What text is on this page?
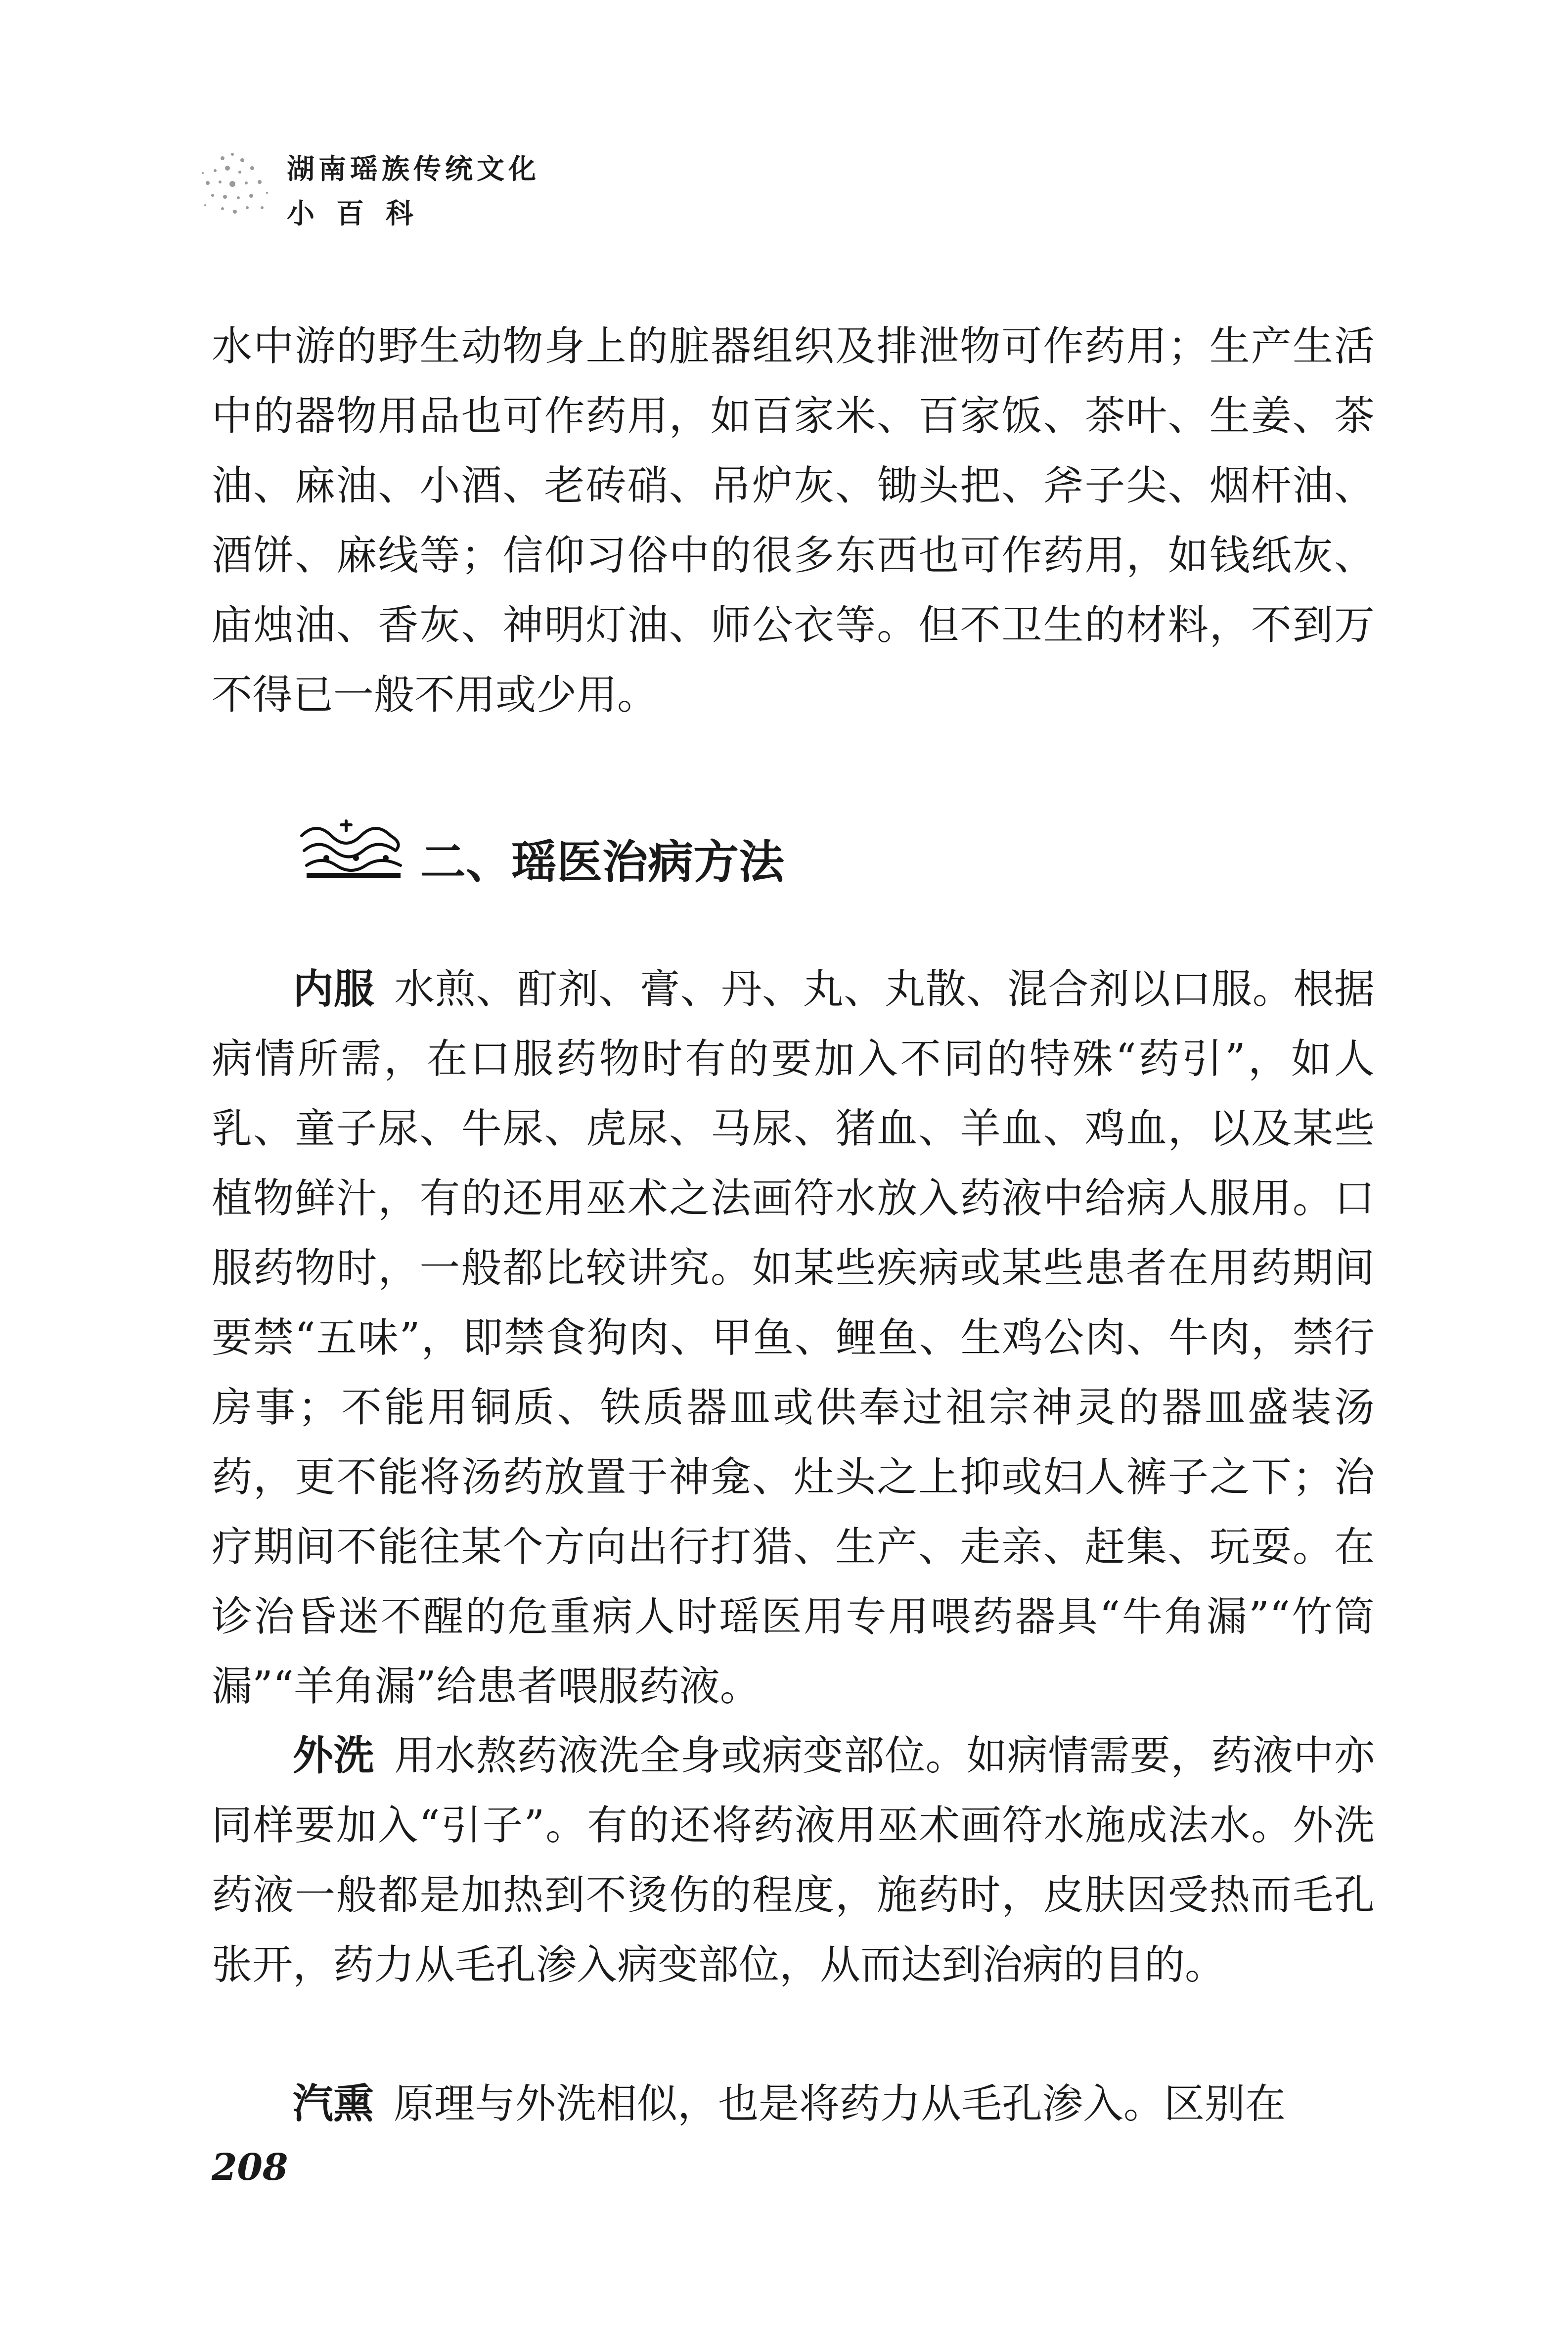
湖南瑶族传统文化
小百科

水中游的野生动物身上的脏器组织及排泄物可作药用；生产生活中的器物用品也可作药用，如百家米、百家饭、茶叶、生姜、茶油、麻油、小酒、老砖硝、吊炉灰、锄头把、斧子尖、烟杆油、酒饼、麻线等；信仰习俗中的很多东西也可作药用，如钱纸灰、庙烛油、香灰、神明灯油、师公衣等。但不卫生的材料，不到万不得已一般不用或少用。

二、瑶医治病方法

内服 水煎、酊剂、膏、丹、丸、丸散、混合剂以口服。根据病情所需，在口服药物时有的要加入不同的特殊“药引”，如人乳、童子尿、牛尿、虎尿、马尿、猪血、羊血、鸡血，以及某些植物鲜汁，有的还用巫术之法画符水放入药液中给病人服用。口服药物时，一般都比较讲究。如某些疾病或某些患者在用药期间要禁“五味”，即禁食狗肉、甲鱼、鲤鱼、生鸡公肉、牛肉，禁行房事；不能用铜质、铁质器皿或供奉过祖宗神灵的器皿盛装汤药，更不能将汤药放置于神龛、灶头之上抑或妇人裤子之下；治疗期间不能往某个方向出行打猎、生产、走亲、赶集、玩耍。在诊治昏迷不醒的危重病人时瑶医用专用喂药器具“牛角漏”“竹筒漏”“羊角漏”给患者喂服药液。

外洗 用水熬药液洗全身或病变部位。如病情需要，药液中亦同样要加入“引子”。有的还将药液用巫术画符水施成法水。外洗药液一般都是加热到不烫伤的程度，施药时，皮肤因受热而毛孔张开，药力从毛孔渗入病变部位，从而达到治病的目的。

汽熏 原理与外洗相似，也是将药力从毛孔渗入。区别在

208
